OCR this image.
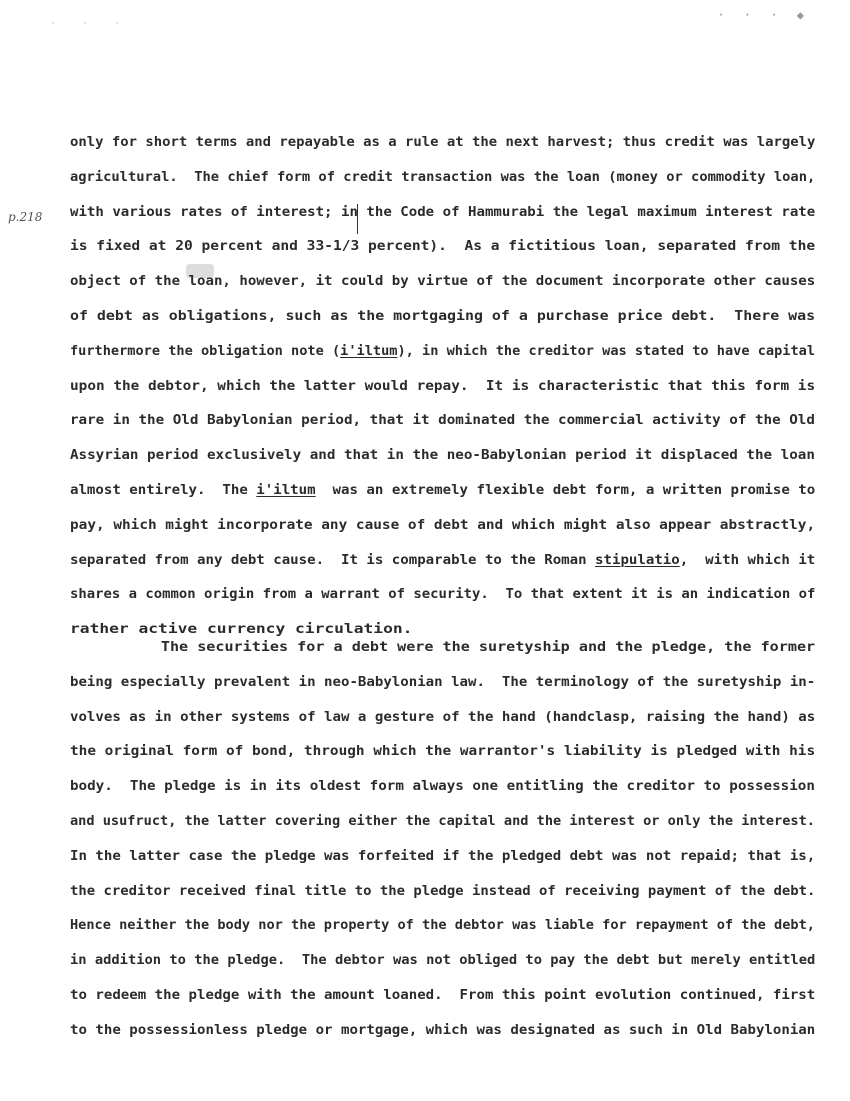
· · ·
· · · ◆
p.218
only for short terms and repayable as a rule at the next harvest; thus credit was largely
agricultural.  The chief form of credit transaction was the loan (money or commodity loan,
with various rates of interest; in the Code of Hammurabi the legal maximum interest rate
is fixed at 20 percent and 33-1/3 percent).  As a fictitious loan, separated from the
object of the loan, however, it could by virtue of the document incorporate other causes
of debt as obligations, such as the mortgaging of a purchase price debt.  There was
furthermore the obligation note (i'iltum), in which the creditor was stated to have capital
upon the debtor, which the latter would repay.  It is characteristic that this form is
rare in the Old Babylonian period, that it dominated the commercial activity of the Old
Assyrian period exclusively and that in the neo-Babylonian period it displaced the loan
almost entirely.  The i'iltum  was an extremely flexible debt form, a written promise to
pay, which might incorporate any cause of debt and which might also appear abstractly,
separated from any debt cause.  It is comparable to the Roman stipulatio,  with which it
shares a common origin from a warrant of security.  To that extent it is an indication of
rather active currency circulation.
The securities for a debt were the suretyship and the pledge, the former
being especially prevalent in neo-Babylonian law.  The terminology of the suretyship in-
volves as in other systems of law a gesture of the hand (handclasp, raising the hand) as
the original form of bond, through which the warrantor's liability is pledged with his
body.  The pledge is in its oldest form always one entitling the creditor to possession
and usufruct, the latter covering either the capital and the interest or only the interest.
In the latter case the pledge was forfeited if the pledged debt was not repaid; that is,
the creditor received final title to the pledge instead of receiving payment of the debt.
Hence neither the body nor the property of the debtor was liable for repayment of the debt,
in addition to the pledge.  The debtor was not obliged to pay the debt but merely entitled
to redeem the pledge with the amount loaned.  From this point evolution continued, first
to the possessionless pledge or mortgage, which was designated as such in Old Babylonian
